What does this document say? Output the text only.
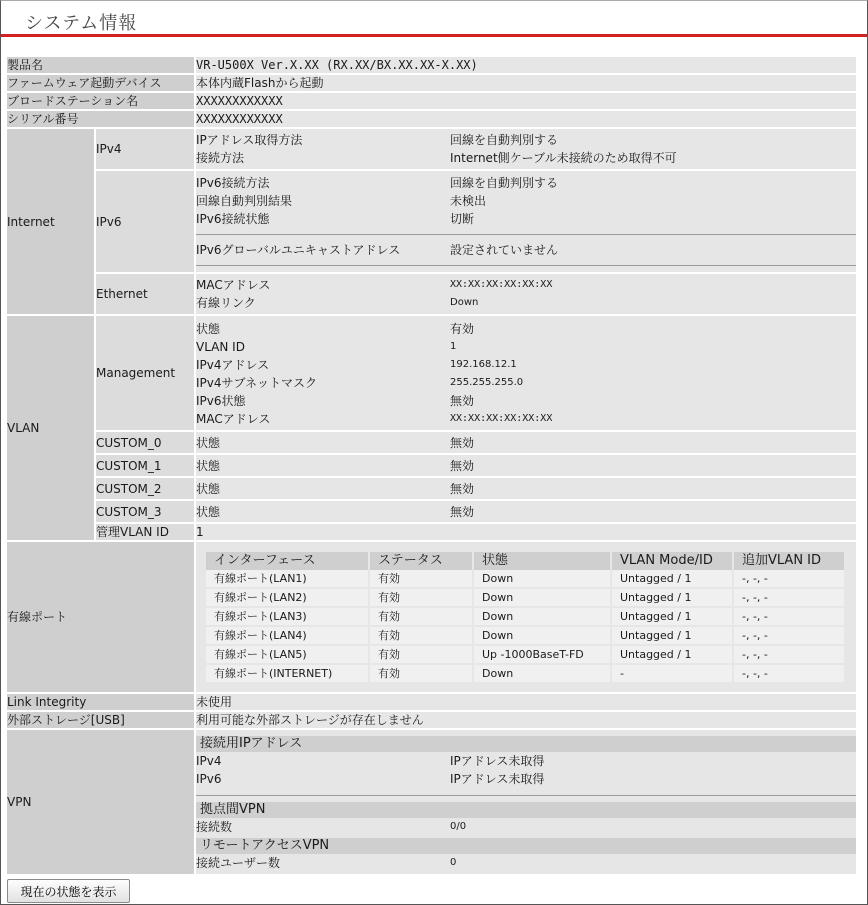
システム情報
製品名	VR-U500X Ver.X.XX (RX.XX/BX.XX.XX-X.XX)
ファームウェア起動デバイス	本体内蔵Flashから起動
ブロードステーション名	XXXXXXXXXXXX
シリアル番号	XXXXXXXXXXXX
Internet	IPv4	
IPアドレス取得方法	回線を自動判別する
接続方法	Internet側ケーブル未接続のため取得不可

IPv6	
IPv6接続方法	回線を自動判別する
回線自動判別結果	未検出
IPv6接続状態	切断
IPv6グローバルユニキャストアドレス	設定されていません

Ethernet	
MACアドレス	XX:XX:XX:XX:XX:XX
有線リンク	Down

VLAN	Management	
状態	有効
VLAN ID	1
IPv4アドレス	192.168.12.1
IPv4サブネットマスク	255.255.255.0
IPv6状態	無効
MACアドレス	XX:XX:XX:XX:XX:XX

CUSTOM_0	状態	無効

CUSTOM_1	状態	無効

CUSTOM_2	状態	無効

CUSTOM_3	状態	無効

管理VLAN ID	1
有線ポート	
インターフェース	ステータス	状態	VLAN Mode/ID	追加VLAN ID
有線ポート(LAN1)	有効	Down	Untagged / 1	-, -, -
有線ポート(LAN2)	有効	Down	Untagged / 1	-, -, -
有線ポート(LAN3)	有効	Down	Untagged / 1	-, -, -
有線ポート(LAN4)	有効	Down	Untagged / 1	-, -, -
有線ポート(LAN5)	有効	Up -1000BaseT-FD	Untagged / 1	-, -, -
有線ポート(INTERNET)	有効	Down	-	-, -, -

Link Integrity	未使用
外部ストレージ[USB]	利用可能な外部ストレージが存在しません
VPN	
接続用IPアドレス
IPv4	IPアドレス未取得
IPv6	IPアドレス未取得
拠点間VPN
接続数	0/0
リモートアクセスVPN
接続ユーザー数	0
現在の状態を表示
